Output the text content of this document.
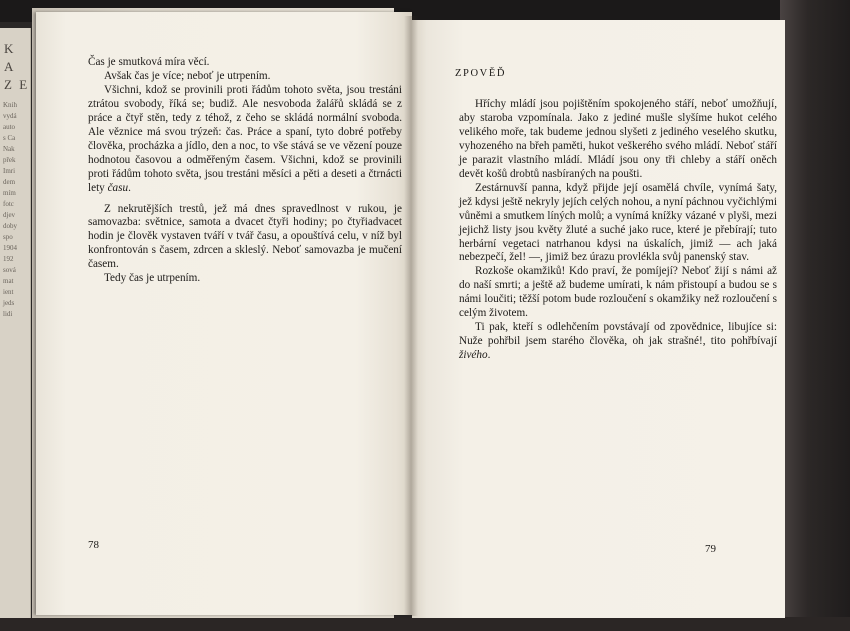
K A
Z E
Knih
vydá
auto
s Ca
Nak
přek
Imri
dem
mím
fotc
djev
doby
spo
1904
192
sová
mat
ient
jeds
lidi

Čas je smutková míra věcí.

Avšak čas je více; neboť je utrpením.

Všichni, kdož se provinili proti řádům tohoto světa, jsou trestáni ztrátou svobody, říká se; budiž. Ale nesvoboda žalářů skládá se z práce a čtyř stěn, tedy z téhož, z čeho se skládá normální svoboda. Ale věznice má svou trýzeň: čas. Práce a spaní, tyto dobré potřeby člověka, procházka a jídlo, den a noc, to vše stává se ve vězení pouze hodnotou časovou a odměřeným časem. Všichni, kdož se provinili proti řádům tohoto světa, jsou trestáni měsíci a pěti a deseti a čtrnácti lety času.

Z nekrutějších trestů, jež má dnes spravedlnost v rukou, je samovazba: světnice, samota a dvacet čtyři hodiny; po čtyřiadvacet hodin je člověk vystaven tváří v tvář času, a opouštívá celu, v níž byl konfrontován s časem, zdrcen a skleslý. Neboť samovazba je mučení časem.

Tedy čas je utrpením.

78
ZPOVĚĎ

Hříchy mládí jsou pojištěním spokojeného stáří, neboť umožňují, aby staroba vzpomínala. Jako z jediné mušle slyšíme hukot celého velikého moře, tak budeme jednou slyšeti z jediného veselého skutku, vyhozeného na břeh paměti, hukot veškerého svého mládí. Neboť stáří je parazit vlastního mládí. Mládí jsou ony tři chleby a stáří oněch devět košů drobtů nasbíraných na poušti.

Zestárnuvší panna, když přijde její osamělá chvíle, vynímá šaty, jež kdysi ještě nekryly jejích celých nohou, a nyní páchnou vyčichlými vůněmi a smutkem líných molů; a vynímá knížky vázané v plyši, mezi jejichž listy jsou květy žluté a suché jako ruce, které je přebírají; tuto herbární vegetaci natrhanou kdysi na úskalích, jimiž — ach jaká nebezpečí, žel! —, jimiž bez úrazu provlékla svůj panenský stav.

Rozkoše okamžiků! Kdo praví, že pomíjejí? Neboť žijí s námi až do naší smrti; a ještě až budeme umírati, k nám přistoupí a budou se s námi loučiti; těžší potom bude rozloučení s okamžiky než rozloučení s celým životem.

Ti pak, kteří s odlehčením povstávají od zpovědnice, libujíce si: Nuže pohřbil jsem starého člověka, oh jak strašné!, tito pohřbívají živého.

79
